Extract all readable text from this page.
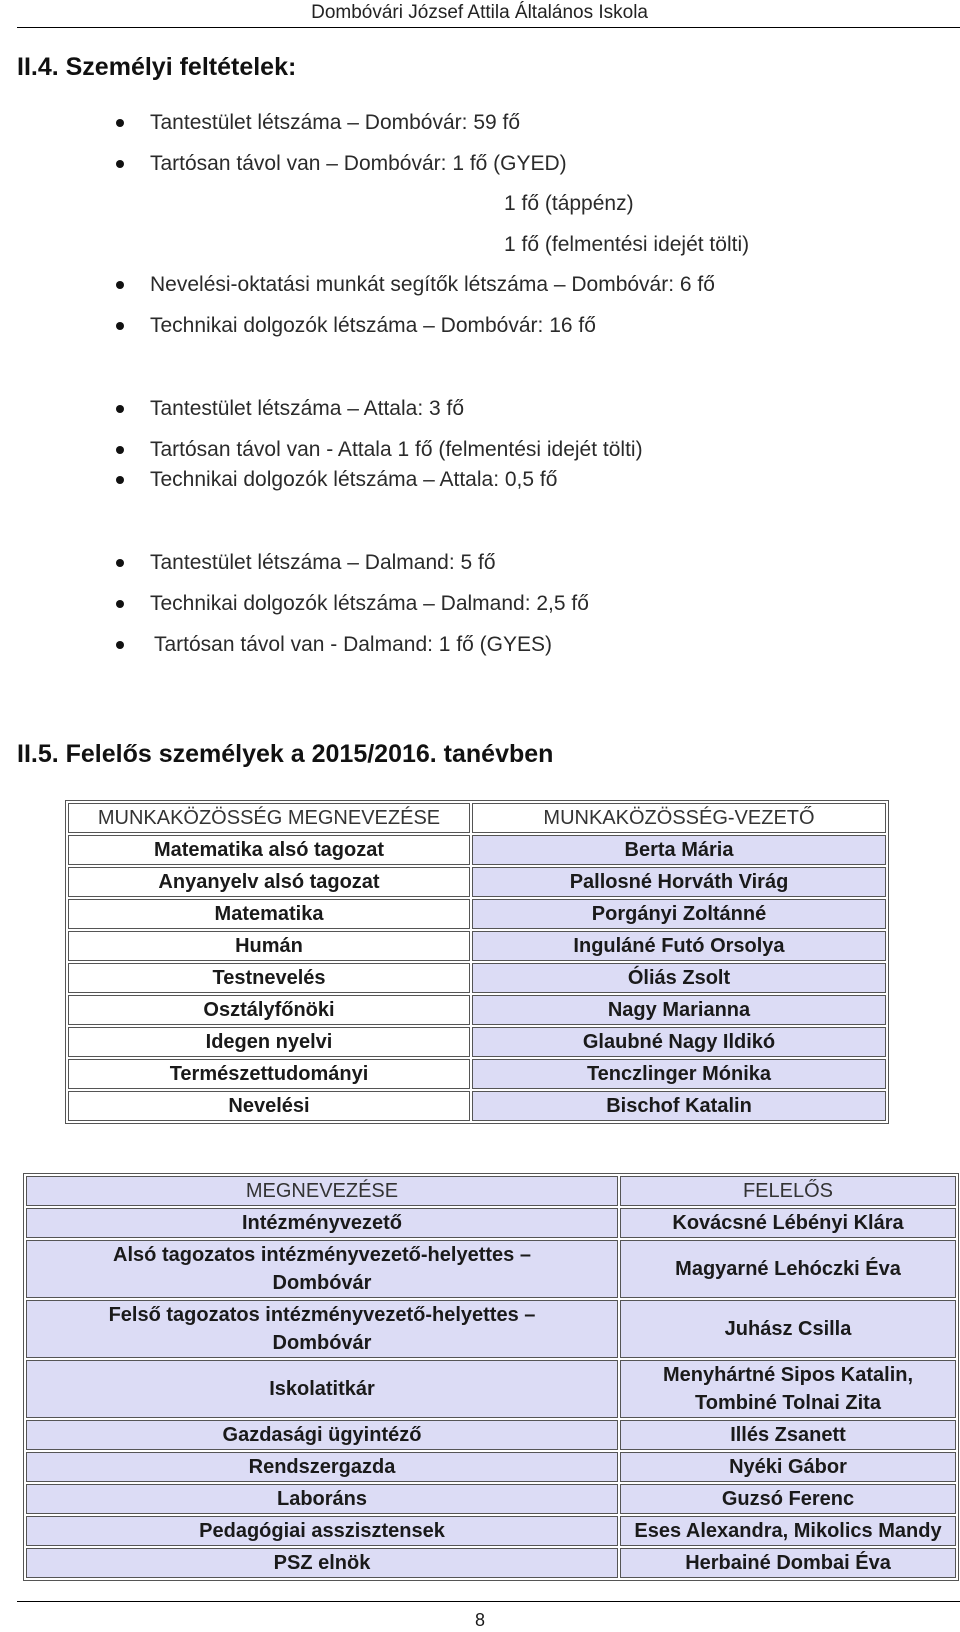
Dombóvári József Attila Általános Iskola
II.4. Személyi feltételek:
Tantestület létszáma – Dombóvár: 59 fő
Tartósan távol van – Dombóvár: 1 fő (GYED)
1 fő (táppénz)
1 fő (felmentési idejét tölti)
Nevelési-oktatási munkát segítők létszáma – Dombóvár: 6 fő
Technikai dolgozók létszáma – Dombóvár: 16 fő
Tantestület létszáma – Attala: 3 fő
Tartósan távol van - Attala 1 fő (felmentési idejét tölti)
Technikai dolgozók létszáma – Attala: 0,5 fő
Tantestület létszáma – Dalmand: 5 fő
Technikai dolgozók létszáma – Dalmand: 2,5 fő
Tartósan távol van - Dalmand: 1 fő (GYES)
II.5. Felelős személyek a 2015/2016. tanévben
MUNKAKÖZÖSSÉG MEGNEVEZÉSE	MUNKAKÖZÖSSÉG-VEZETŐ
Matematika alsó tagozat	Berta Mária
Anyanyelv alsó tagozat	Pallosné Horváth Virág
Matematika	Porgányi Zoltánné
Humán	Inguláné Futó Orsolya
Testnevelés	Óliás Zsolt
Osztályfőnöki	Nagy Marianna
Idegen nyelvi	Glaubné Nagy Ildikó
Természettudományi	Tenczlinger Mónika
Nevelési	Bischof Katalin
MEGNEVEZÉSE	FELELŐS
Intézményvezető	Kovácsné Lébényi Klára
Alsó tagozatos intézményvezető-helyettes – Dombóvár	Magyarné Lehóczki Éva
Felső tagozatos intézményvezető-helyettes – Dombóvár	Juhász Csilla
Iskolatitkár	Menyhártné Sipos Katalin, Tombiné Tolnai Zita
Gazdasági ügyintéző	Illés Zsanett
Rendszergazda	Nyéki Gábor
Laboráns	Guzsó Ferenc
Pedagógiai asszisztensek	Eses Alexandra, Mikolics Mandy
PSZ elnök	Herbainé Dombai Éva
8
